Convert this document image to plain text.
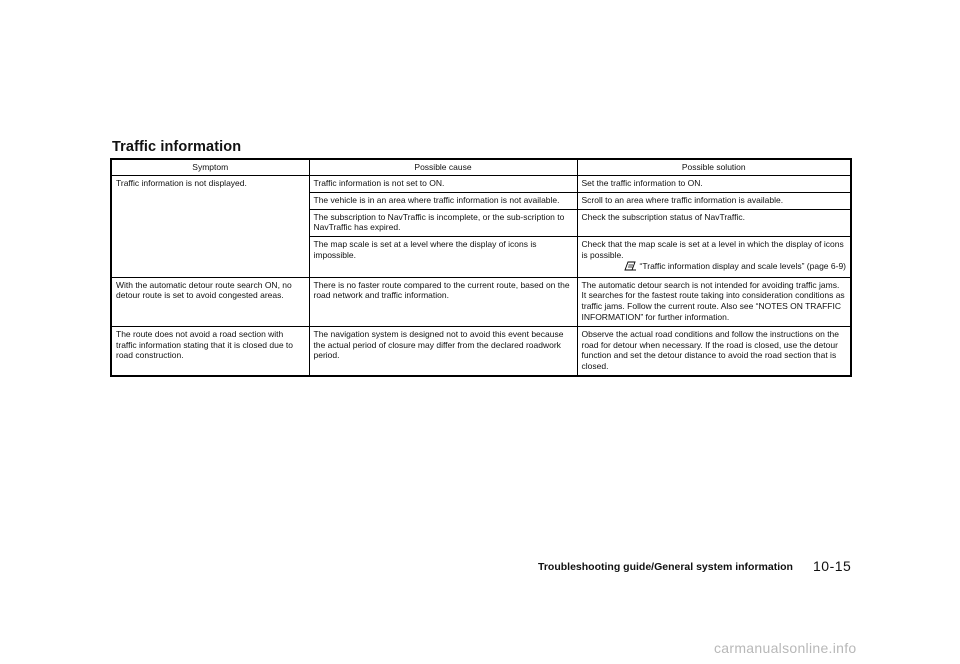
Traffic information
Symptom	Possible cause	Possible solution
Traffic information is not displayed.	Traffic information is not set to ON.	Set the traffic information to ON.
	The vehicle is in an area where traffic information is not available.	Scroll to an area where traffic information is available.
	The subscription to NavTraffic is incomplete, or the sub-scription to NavTraffic has expired.	Check the subscription status of NavTraffic.
	The map scale is set at a level where the display of icons is impossible.	Check that the map scale is set at a level in which the display of icons is possible.
“Traffic information display and scale levels” (page 6-9)

With the automatic detour route search ON, no detour route is set to avoid congested areas.	There is no faster route compared to the current route, based on the road network and traffic information.	The automatic detour search is not intended for avoiding traffic jams. It searches for the fastest route taking into consideration conditions as traffic jams. Follow the current route. Also see “NOTES ON TRAFFIC INFORMATION” for further information.
The route does not avoid a road section with traffic information stating that it is closed due to road construction.	The navigation system is designed not to avoid this event because the actual period of closure may differ from the declared roadwork period.	Observe the actual road conditions and follow the instructions on the road for detour when necessary. If the road is closed, use the detour function and set the detour distance to avoid the road section that is closed.
Troubleshooting guide/General system information 10-15
carmanualsonline.info
